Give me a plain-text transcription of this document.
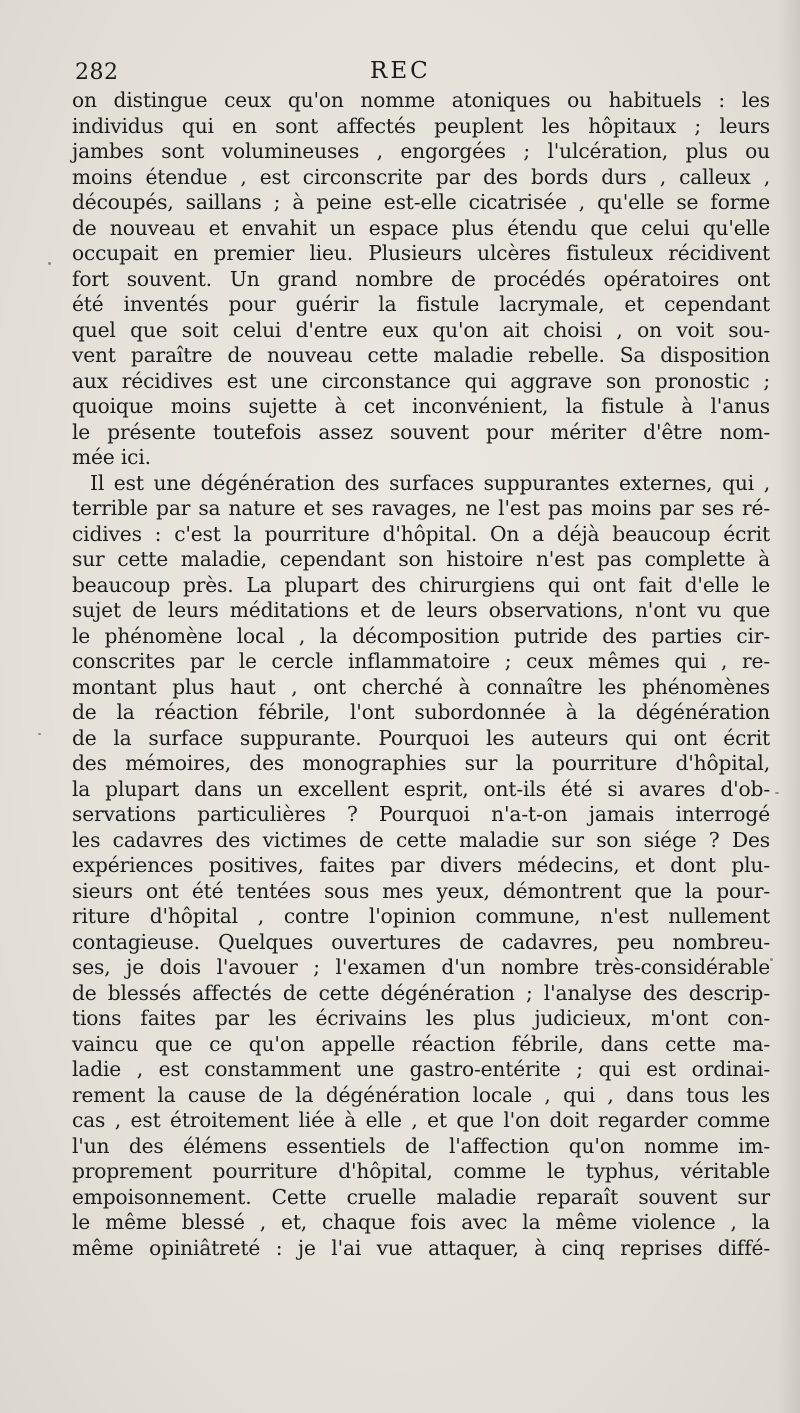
282	REC
on distingue ceux qu'on nomme atoniques ou habituels : les
individus qui en sont affectés peuplent les hôpitaux ; leurs
jambes sont volumineuses , engorgées ; l'ulcération, plus ou
moins étendue , est circonscrite par des bords durs , calleux ,
découpés, saillans ; à peine est-elle cicatrisée , qu'elle se forme
de nouveau et envahit un espace plus étendu que celui qu'elle
occupait en premier lieu. Plusieurs ulcères fistuleux récidivent
fort souvent. Un grand nombre de procédés opératoires ont
été inventés pour guérir la fistule lacrymale, et cependant
quel que soit celui d'entre eux qu'on ait choisi , on voit sou-
vent paraître de nouveau cette maladie rebelle. Sa disposition
aux récidives est une circonstance qui aggrave son pronostic ;
quoique moins sujette à cet inconvénient, la fistule à l'anus
le présente toutefois assez souvent pour mériter d'être nom-
mée ici.
Il est une dégénération des surfaces suppurantes externes, qui ,
terrible par sa nature et ses ravages, ne l'est pas moins par ses ré-
cidives : c'est la pourriture d'hôpital. On a déjà beaucoup écrit
sur cette maladie, cependant son histoire n'est pas complette à
beaucoup près. La plupart des chirurgiens qui ont fait d'elle le
sujet de leurs méditations et de leurs observations, n'ont vu que
le phénomène local , la décomposition putride des parties cir-
conscrites par le cercle inflammatoire ; ceux mêmes qui , re-
montant plus haut , ont cherché à connaître les phénomènes
de la réaction fébrile, l'ont subordonnée à la dégénération
de la surface suppurante. Pourquoi les auteurs qui ont écrit
des mémoires, des monographies sur la pourriture d'hôpital,
la plupart dans un excellent esprit, ont-ils été si avares d'ob-
servations particulières ? Pourquoi n'a-t-on jamais interrogé
les cadavres des victimes de cette maladie sur son siége ? Des
expériences positives, faites par divers médecins, et dont plu-
sieurs ont été tentées sous mes yeux, démontrent que la pour-
riture d'hôpital , contre l'opinion commune, n'est nullement
contagieuse. Quelques ouvertures de cadavres, peu nombreu-
ses, je dois l'avouer ; l'examen d'un nombre très-considérable
de blessés affectés de cette dégénération ; l'analyse des descrip-
tions faites par les écrivains les plus judicieux, m'ont con-
vaincu que ce qu'on appelle réaction fébrile, dans cette ma-
ladie , est constamment une gastro-entérite ; qui est ordinai-
rement la cause de la dégénération locale , qui , dans tous les
cas , est étroitement liée à elle , et que l'on doit regarder comme
l'un des élémens essentiels de l'affection qu'on nomme im-
proprement pourriture d'hôpital, comme le typhus, véritable
empoisonnement. Cette cruelle maladie reparaît souvent sur
le même blessé , et, chaque fois avec la même violence , la
même opiniâtreté : je l'ai vue attaquer, à cinq reprises diffé-
